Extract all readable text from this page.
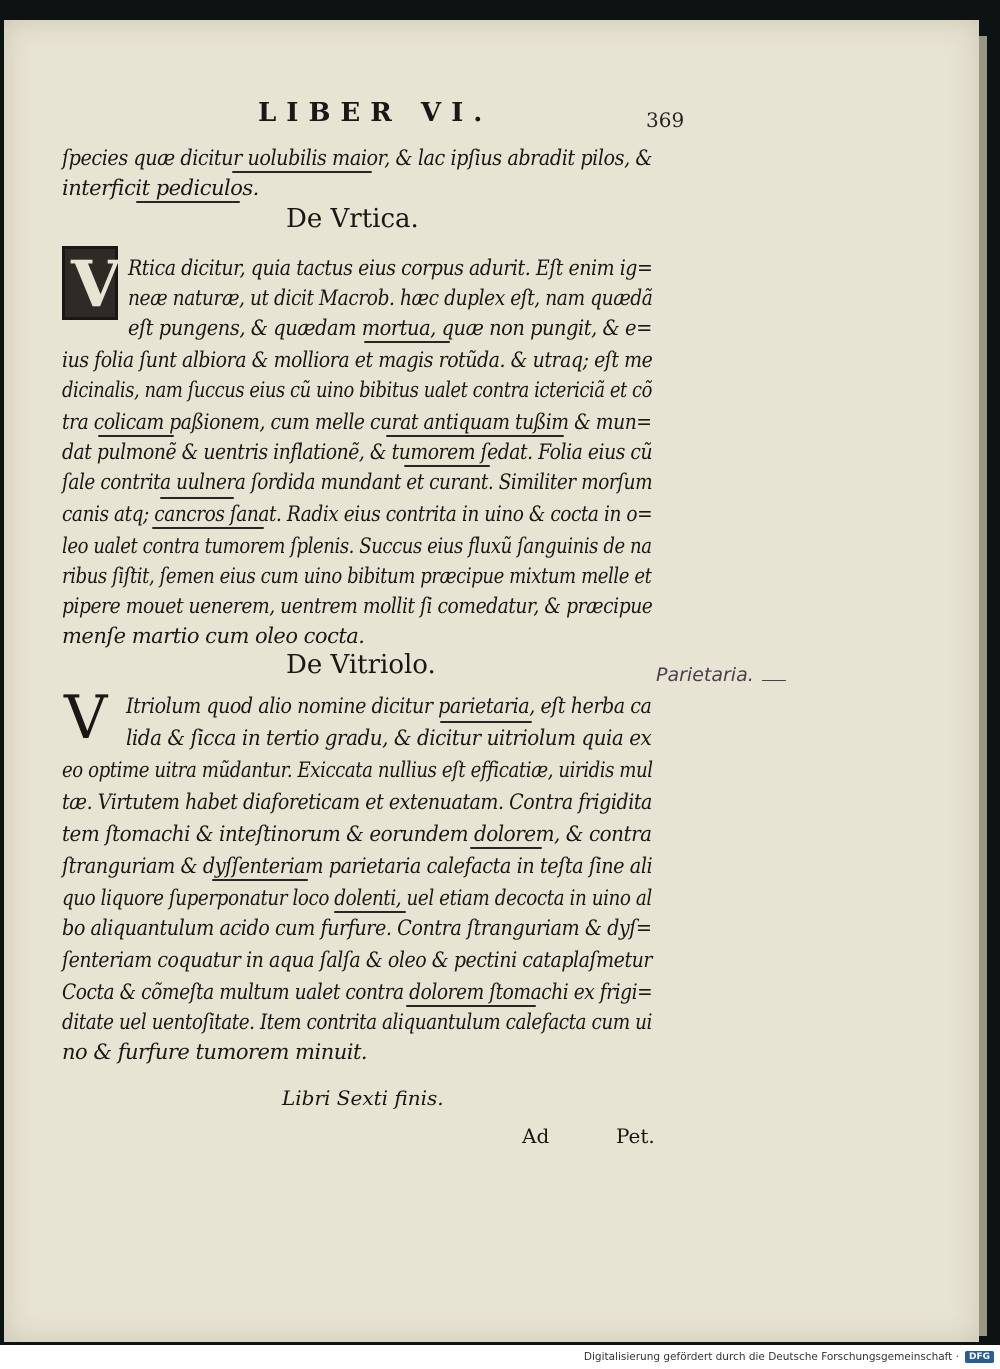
LIBER VI.	369
ſpecies quæ dicitur uolubilis maior, & lac ipſius abradit pilos, &
interficit pediculos.
De Vrtica.
V Rtica dicitur, quia tactus eius corpus adurit. Eſt enim ig=
neæ naturæ, ut dicit Macrob. hæc duplex eſt, nam quædã
eſt pungens, & quædam mortua, quæ non pungit, & e=
ius folia ſunt albiora & molliora et magis rotũda. & utraq; eſt me
dicinalis, nam ſuccus eius cũ uino bibitus ualet contra ictericiã et cõ
tra colicam paßionem, cum melle curat antiquam tußim & mun=
dat pulmonẽ & uentris inflationẽ, & tumorem ſedat. Folia eius cũ
ſale contrita uulnera ſordida mundant et curant. Similiter morſum
canis atq; cancros ſanat. Radix eius contrita in uino & cocta in o=
leo ualet contra tumorem ſplenis. Succus eius fluxũ ſanguinis de na
ribus ſiſtit, ſemen eius cum uino bibitum præcipue mixtum melle et
pipere mouet uenerem, uentrem mollit ſi comedatur, & præcipue
menſe martio cum oleo cocta.
De Vitriolo.
V Itriolum quod alio nomine dicitur parietaria, eſt herba ca
lida & ſicca in tertio gradu, & dicitur uitriolum quia ex
eo optime uitra mũdantur. Exiccata nullius eſt efficatiæ, uiridis mul
tæ. Virtutem habet diaforeticam et extenuatam. Contra frigidita
tem ſtomachi & inteſtinorum & eorundem dolorem, & contra
ſtranguriam & dyſſenteriam parietaria calefacta in teſta ſine ali
quo liquore ſuperponatur loco dolenti, uel etiam decocta in uino al
bo aliquantulum acido cum furfure. Contra ſtranguriam & dyſ=
ſenteriam coquatur in aqua ſalſa & oleo & pectini cataplaſmetur
Cocta & cõmeſta multum ualet contra dolorem ſtomachi ex frigi=
ditate uel uentoſitate. Item contrita aliquantulum calefacta cum ui
no & furfure tumorem minuit.
Libri Sexti finis.
Ad	Pet.
Parietaria.
Digitalisierung gefördert durch die Deutsche Forschungsgemeinschaft ·	DFG
